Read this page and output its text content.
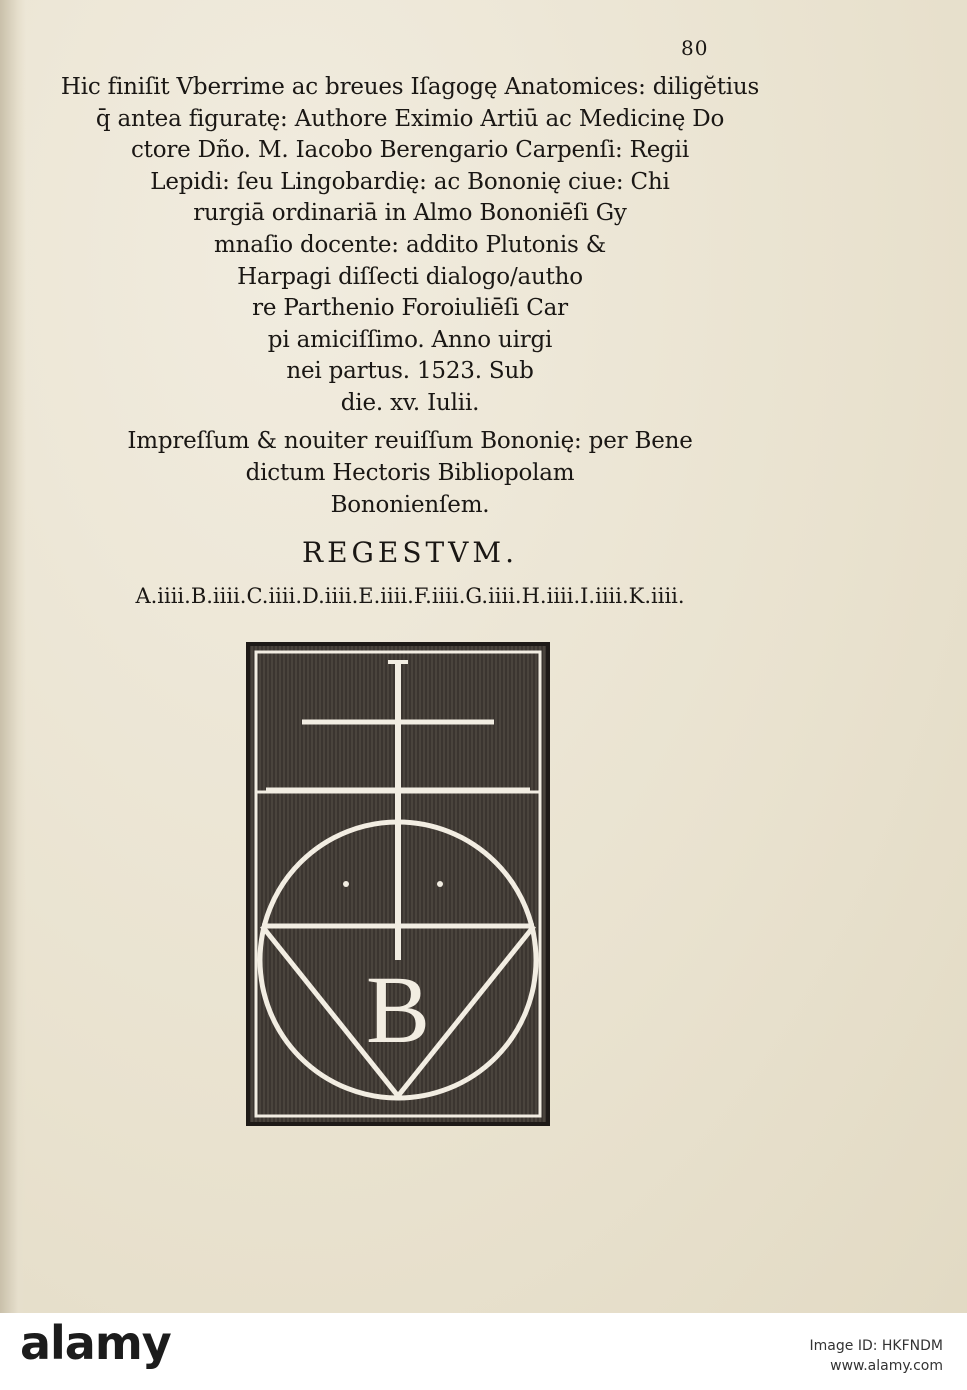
80
Hic finiſit Vberrime ac breues Iſagogę Anatomices: diligĕtius
q̄ antea figuratę: Authore Eximio Artiū ac Medicinę Do
ctore Dño. M. Iacobo Berengario Carpenſi: Regii
Lepidi: ſeu Lingobardię: ac Bononię ciue: Chi
rurgiā ordinariā in Almo Bononiēſi Gy
mnaſio docente: addito Plutonis &
Harpagi diſſecti dialogo/autho
re Parthenio Foroiuliēſi Car
pi amiciſſimo. Anno uirgi
nei partus. 1523. Sub
die. xv. Iulii.
Impreſſum & nouiter reuiſſum Bononię: per Bene
dictum Hectoris Bibliopolam
Bononienſem.
REGESTVM.
A.iiii.B.iiii.C.iiii.D.iiii.E.iiii.F.iiii.G.iiii.H.iiii.I.iiii.K.iiii.
B
alamy	Image ID: HKFNDM
www.alamy.com
